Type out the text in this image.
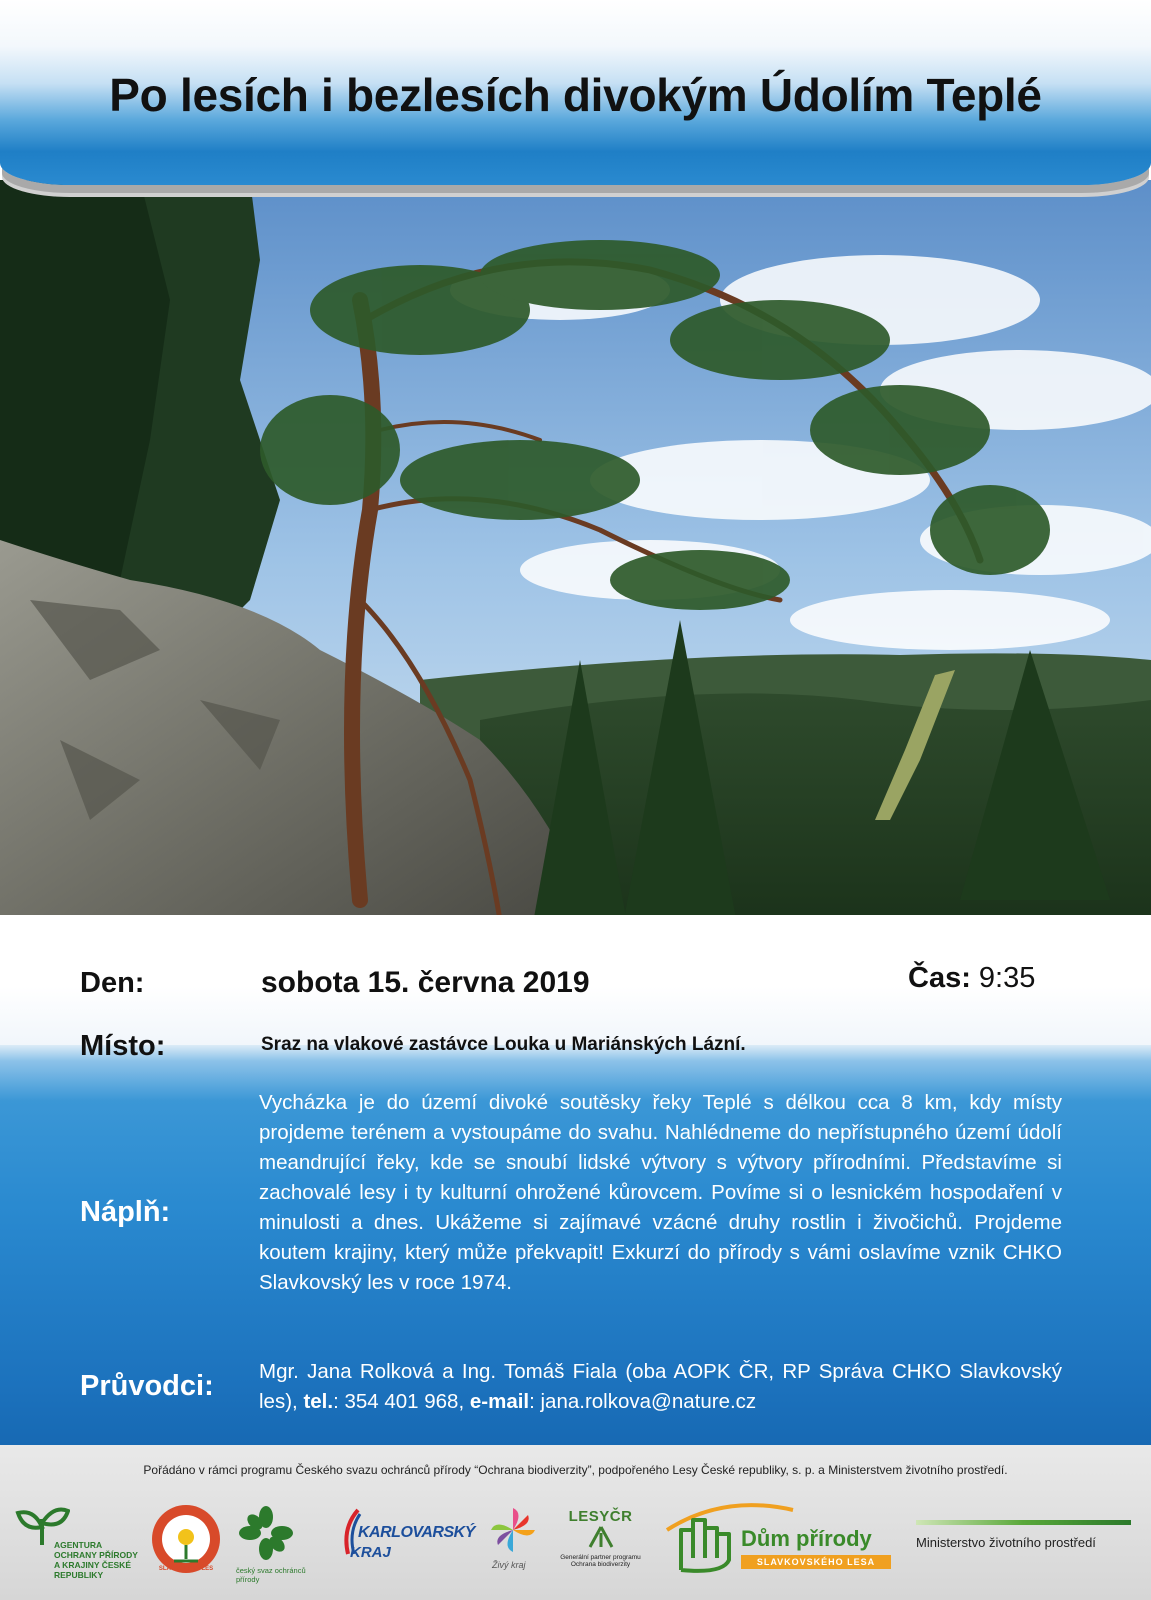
Po lesích i bezlesích divokým Údolím Teplé
Den:	sobota 15. června 2019	Čas: 9:35
Místo:	Sraz na vlakové zastávce Louka u Mariánských Lázní.
Náplň:
Vycházka je do území divoké soutěsky řeky Teplé s délkou cca 8 km, kdy místy projdeme terénem a vystoupáme do svahu. Nahlédneme do nepřístupného území údolí meandrující řeky, kde se snoubí lidské výtvory s výtvory přírodními. Představíme si zachovalé lesy i ty kulturní ohrožené kůrovcem. Povíme si o lesnickém hospodaření v minulosti a dnes. Ukážeme si zajímavé vzácné druhy rostlin i živočichů. Projdeme koutem krajiny, který může překvapit! Exkurzí do přírody s vámi oslavíme vznik CHKO Slavkovský les v roce 1974.
Průvodci: Mgr. Jana Rolková a Ing. Tomáš Fiala (oba AOPK ČR, RP Správa CHKO Slavkovský les), tel.: 354 401 968, e-mail: jana.rolkova@nature.cz
Pořádáno v rámci programu Českého svazu ochránců přírody “Ochrana biodiverzity”, podpořeného Lesy České republiky, s. p. a Ministerstvem životního prostředí.
AGENTURA OCHRANY PŘÍRODY A KRAJINY ČESKÉ REPUBLIKY
SLAVKOVSKÝ LES	český svaz ochránců přírody
KARLOVARSKÝ
KRAJ
Živý kraj
LESYČR
Generální partner programu Ochrana biodiverzity
Dům přírody
SLAVKOVSKÉHO LESA
Ministerstvo životního prostředí
